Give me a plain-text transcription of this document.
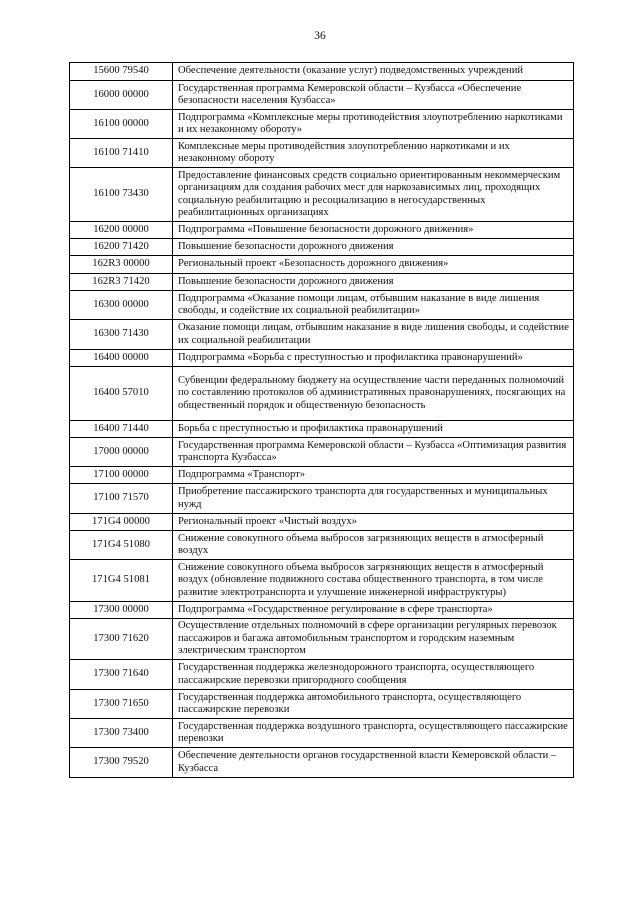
36
15600 79540	Обеспечение деятельности (оказание услуг) подведомственных учреждений
16000 00000	Государственная программа Кемеровской области – Кузбасса «Обеспечение безопасности населения Кузбасса»
16100 00000	Подпрограмма «Комплексные меры противодействия злоупотреблению наркотиками и их незаконному обороту»
16100 71410	Комплексные меры противодействия злоупотреблению наркотиками и их незаконному обороту
16100 73430	Предоставление финансовых средств социально ориентированным некоммерческим организациям для создания рабочих мест для наркозависимых лиц, проходящих социальную реабилитацию и ресоциализацию в негосударственных реабилитационных организациях
16200 00000	Подпрограмма «Повышение безопасности дорожного движения»
16200 71420	Повышение безопасности дорожного движения
162R3 00000	Региональный проект «Безопасность дорожного движения»
162R3 71420	Повышение безопасности дорожного движения
16300 00000	Подпрограмма «Оказание помощи лицам, отбывшим наказание в виде лишения свободы, и содействие их социальной реабилитации»
16300 71430	Оказание помощи лицам, отбывшим наказание в виде лишения свободы, и содействие их социальной реабилитации
16400 00000	Подпрограмма «Борьба с преступностью и профилактика правонарушений»
16400 57010	Субвенции федеральному бюджету на осуществление части переданных полномочий по составлению протоколов об административных правонарушениях, посягающих на общественный порядок и общественную безопасность
16400 71440	Борьба с преступностью и профилактика правонарушений
17000 00000	Государственная программа Кемеровской области – Кузбасса «Оптимизация развития транспорта Кузбасса»
17100 00000	Подпрограмма «Транспорт»
17100 71570	Приобретение пассажирского транспорта для государственных и муниципальных нужд
171G4 00000	Региональный проект «Чистый воздух»
171G4 51080	Снижение совокупного объема выбросов загрязняющих веществ в атмосферный воздух
171G4 51081	Снижение совокупного объема выбросов загрязняющих веществ в атмосферный воздух (обновление подвижного состава общественного транспорта, в том числе развитие электротранспорта и улучшение инженерной инфраструктуры)
17300 00000	Подпрограмма «Государственное регулирование в сфере транспорта»
17300 71620	Осуществление отдельных полномочий в сфере организации регулярных перевозок пассажиров и багажа автомобильным транспортом и городским наземным электрическим транспортом
17300 71640	Государственная поддержка железнодорожного транспорта, осуществляющего пассажирские перевозки пригородного сообщения
17300 71650	Государственная поддержка автомобильного транспорта, осуществляющего пассажирские перевозки
17300 73400	Государственная поддержка воздушного транспорта, осуществляющего пассажирские перевозки
17300 79520	Обеспечение деятельности органов государственной власти Кемеровской области – Кузбасса
